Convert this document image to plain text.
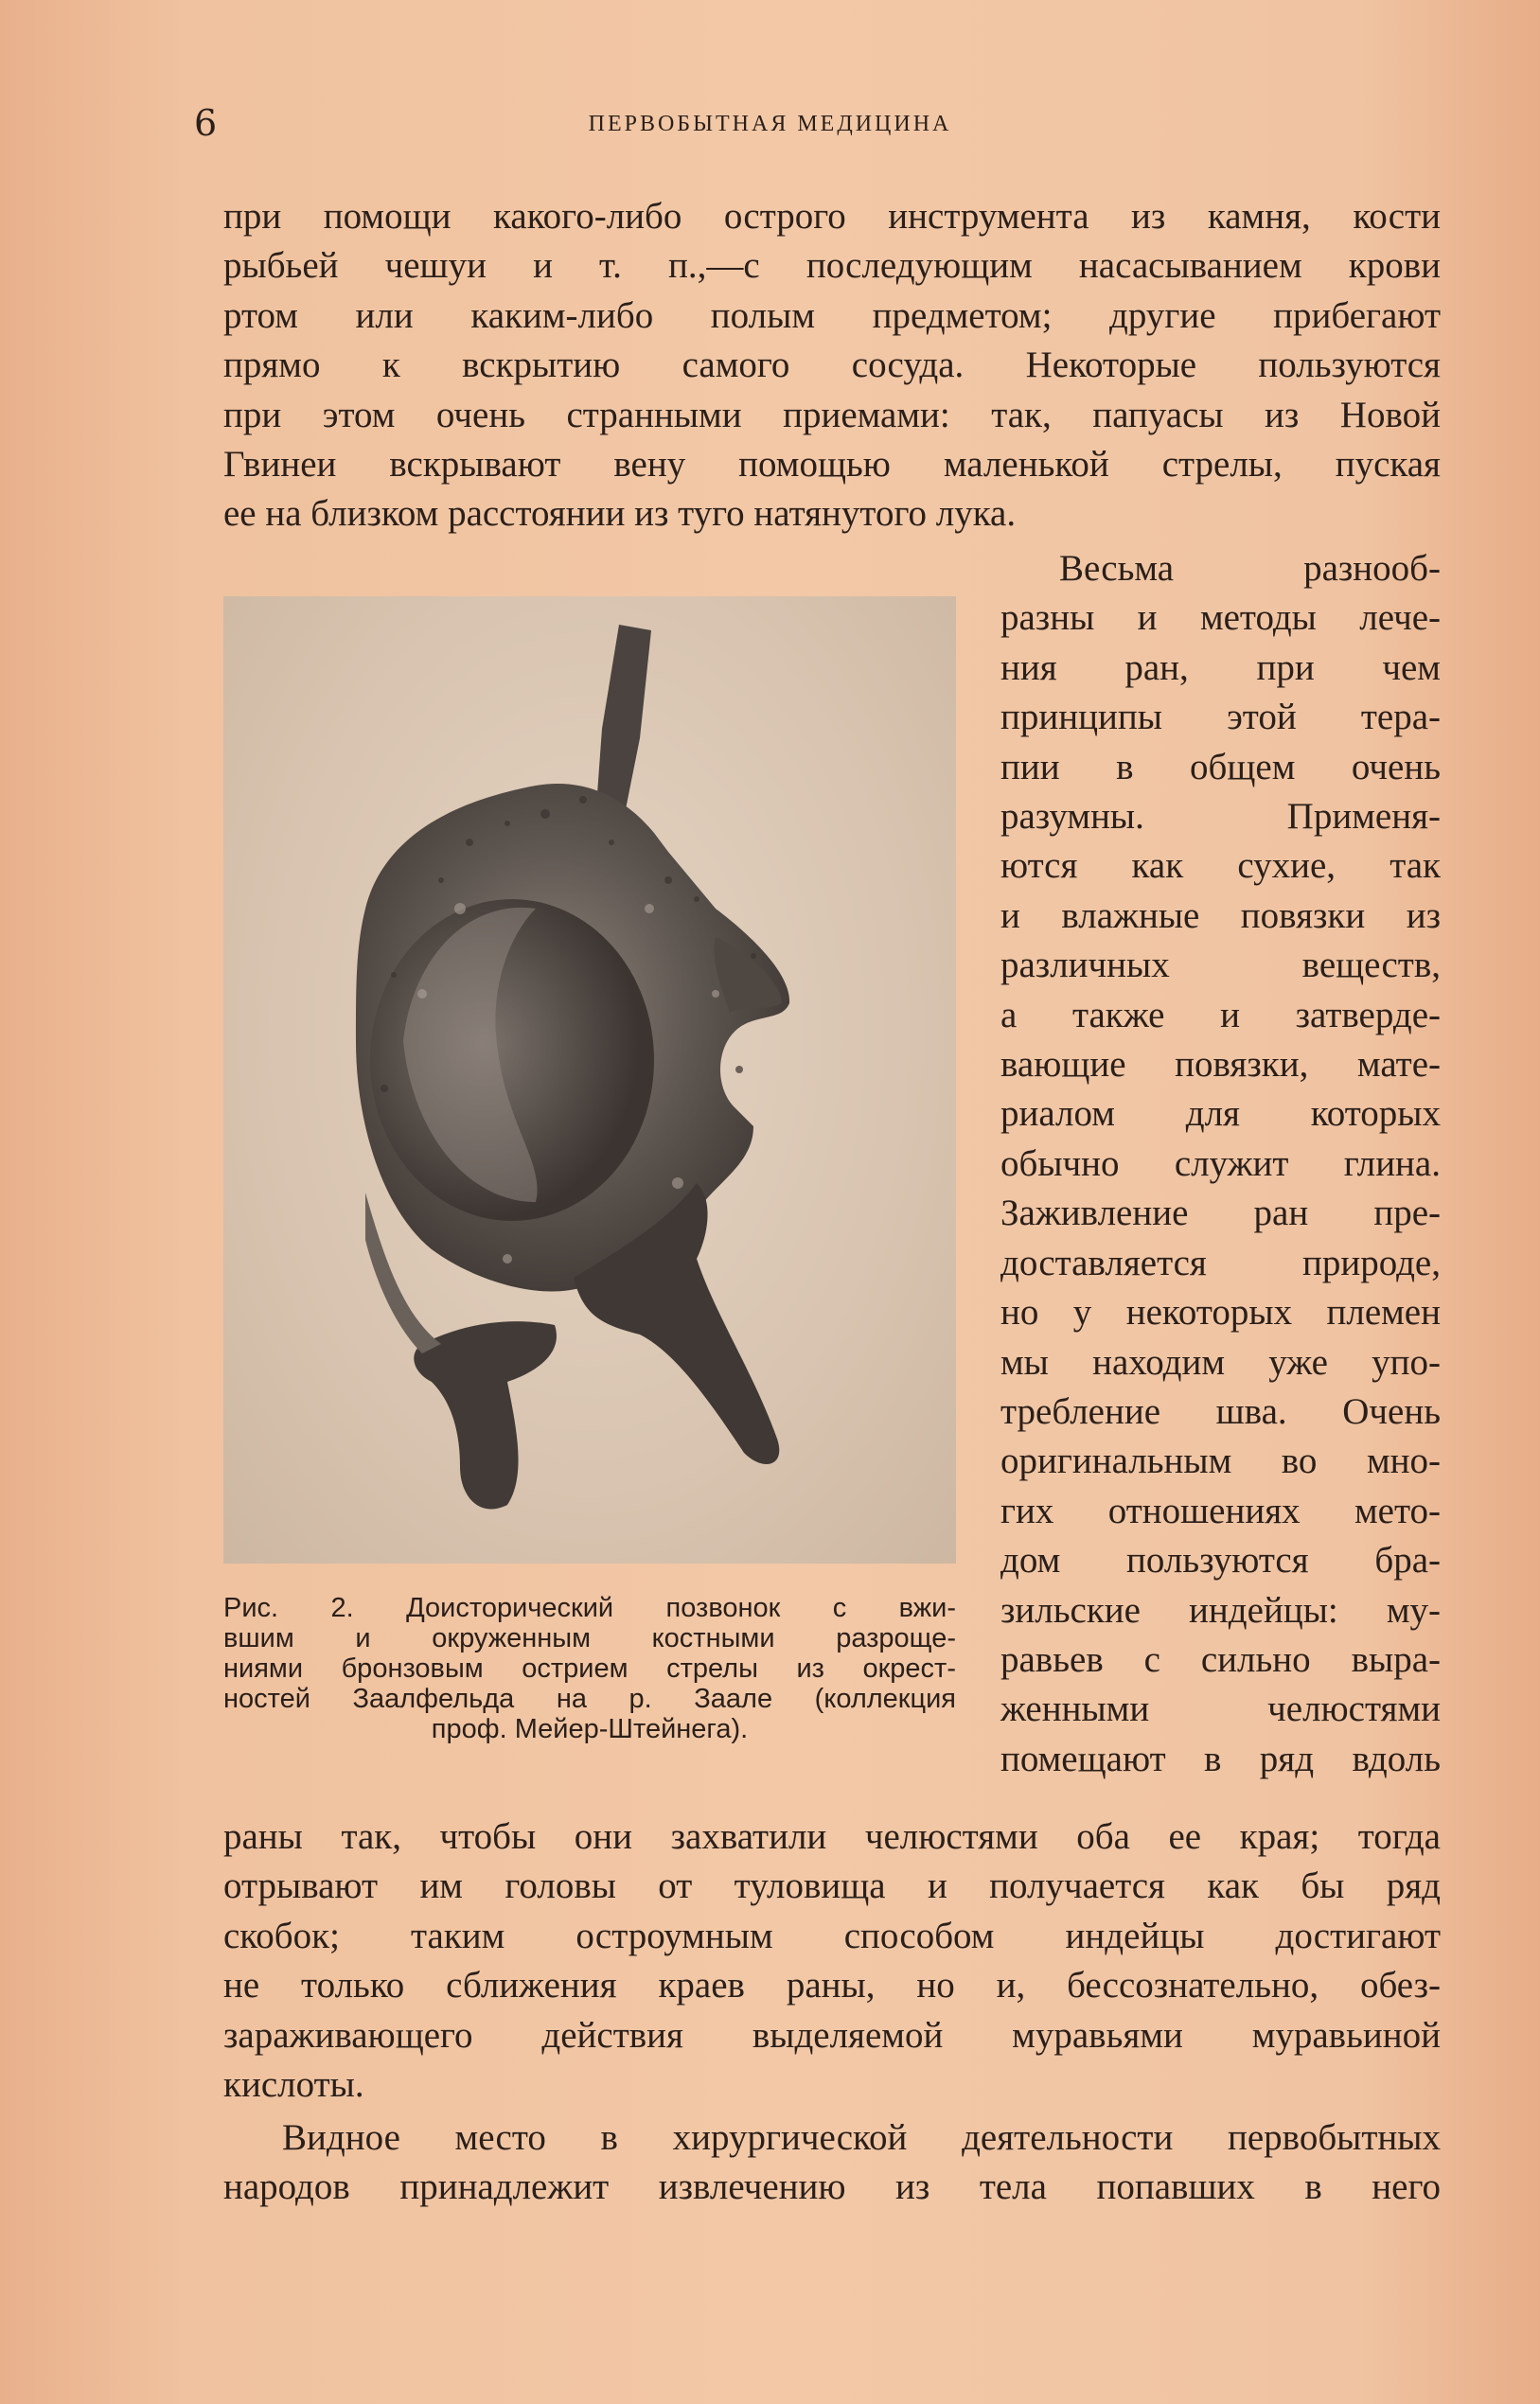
6	ПЕРВОБЫТНАЯ МЕДИЦИНА
при помощи какого-либо острого инструмента из камня, кости
рыбьей чешуи и т. п.,—с последующим насасыванием крови
ртом или каким-либо полым предметом; другие прибегают
прямо к вскрытию самого сосуда. Некоторые пользуются
при этом очень странными приемами: так, папуасы из Новой
Гвинеи вскрывают вену помощью маленькой стрелы, пуская
ее на близком расстоянии из туго натянутого лука.
Рис. 2. Доисторический позвонок с вжи-
вшим и окруженным костными разроще-
ниями бронзовым острием стрелы из окрест-
ностей Заалфельда на р. Заале (коллекция
проф. Мейер-Штейнега).
Весьма разнооб-
разны и методы лече-
ния ран, при чем
принципы этой тера-
пии в общем очень
разумны. Применя-
ются как сухие, так
и влажные повязки из
различных веществ,
а также и затверде-
вающие повязки, мате-
риалом для которых
обычно служит глина.
Заживление ран пре-
доставляется природе,
но у некоторых племен
мы находим уже упо-
требление шва. Очень
оригинальным во мно-
гих отношениях мето-
дом пользуются бра-
зильские индейцы: му-
равьев с сильно выра-
женными челюстями
помещают в ряд вдоль
раны так, чтобы они захватили челюстями оба ее края; тогда
отрывают им головы от туловища и получается как бы ряд
скобок; таким остроумным способом индейцы достигают
не только сближения краев раны, но и, бессознательно, обез-
зараживающего действия выделяемой муравьями муравьиной
кислоты.
Видное место в хирургической деятельности первобытных
народов принадлежит извлечению из тела попавших в него
